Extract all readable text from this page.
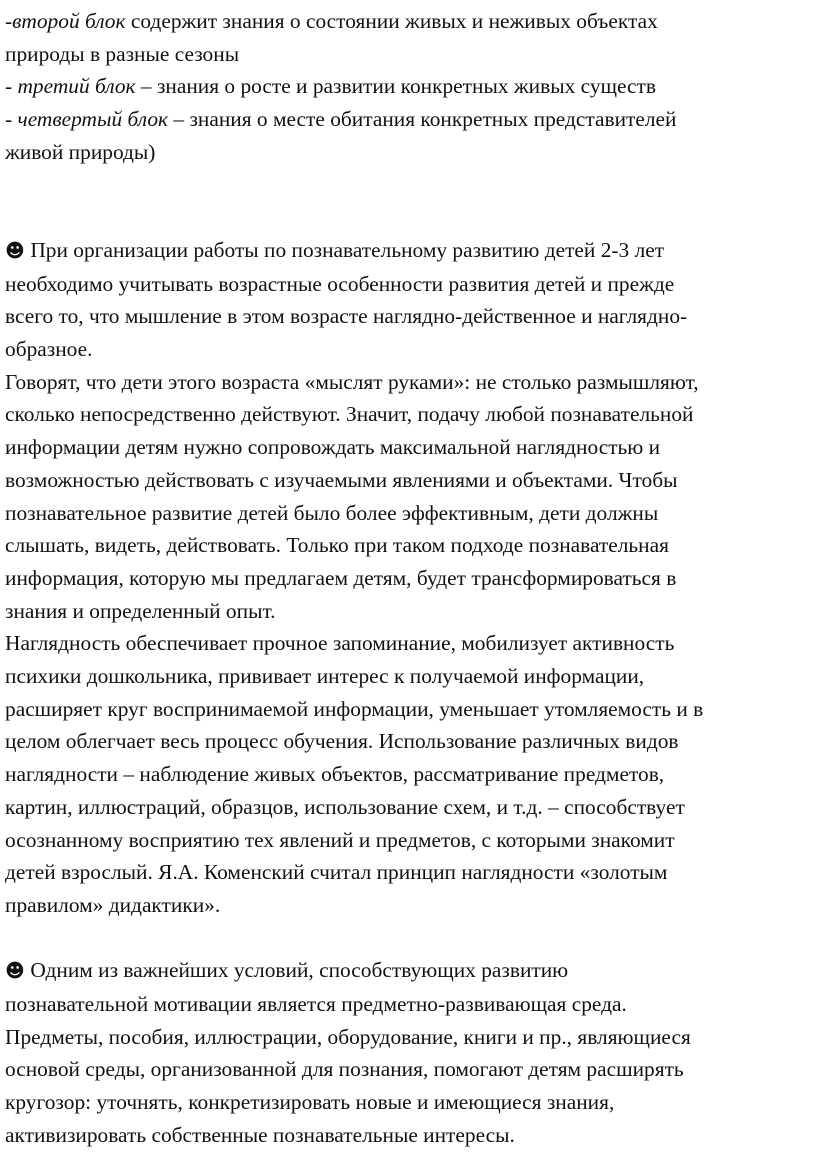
-второй блок содержит знания о состоянии живых и неживых объектах
природы в разные сезоны
- третий блок – знания о росте и развитии конкретных живых существ
- четвертый блок – знания о месте обитания конкретных представителей
живой природы)
☻ При организации работы по познавательному развитию детей 2-3 лет
необходимо учитывать возрастные особенности развития детей и прежде
всего то, что мышление в этом возрасте наглядно-действенное и наглядно-
образное.
Говорят, что дети этого возраста «мыслят руками»: не столько размышляют,
сколько непосредственно действуют. Значит, подачу любой познавательной
информации детям нужно сопровождать максимальной наглядностью и
возможностью действовать с изучаемыми явлениями и объектами. Чтобы
познавательное развитие детей было более эффективным, дети должны
слышать, видеть, действовать. Только при таком подходе познавательная
информация, которую мы предлагаем детям, будет трансформироваться в
знания и определенный опыт.
Наглядность обеспечивает прочное запоминание, мобилизует активность
психики дошкольника, прививает интерес к получаемой информации,
расширяет круг воспринимаемой информации, уменьшает утомляемость и в
целом облегчает весь процесс обучения. Использование различных видов
наглядности – наблюдение живых объектов, рассматривание предметов,
картин, иллюстраций, образцов, использование схем, и т.д. – способствует
осознанному восприятию тех явлений и предметов, с которыми знакомит
детей взрослый. Я.А. Коменский считал принцип наглядности «золотым
правилом» дидактики».
☻ Одним из важнейших условий, способствующих развитию
познавательной мотивации является предметно-развивающая среда.
Предметы, пособия, иллюстрации, оборудование, книги и пр., являющиеся
основой среды, организованной для познания, помогают детям расширять
кругозор: уточнять, конкретизировать новые и имеющиеся знания,
активизировать собственные познавательные интересы.
